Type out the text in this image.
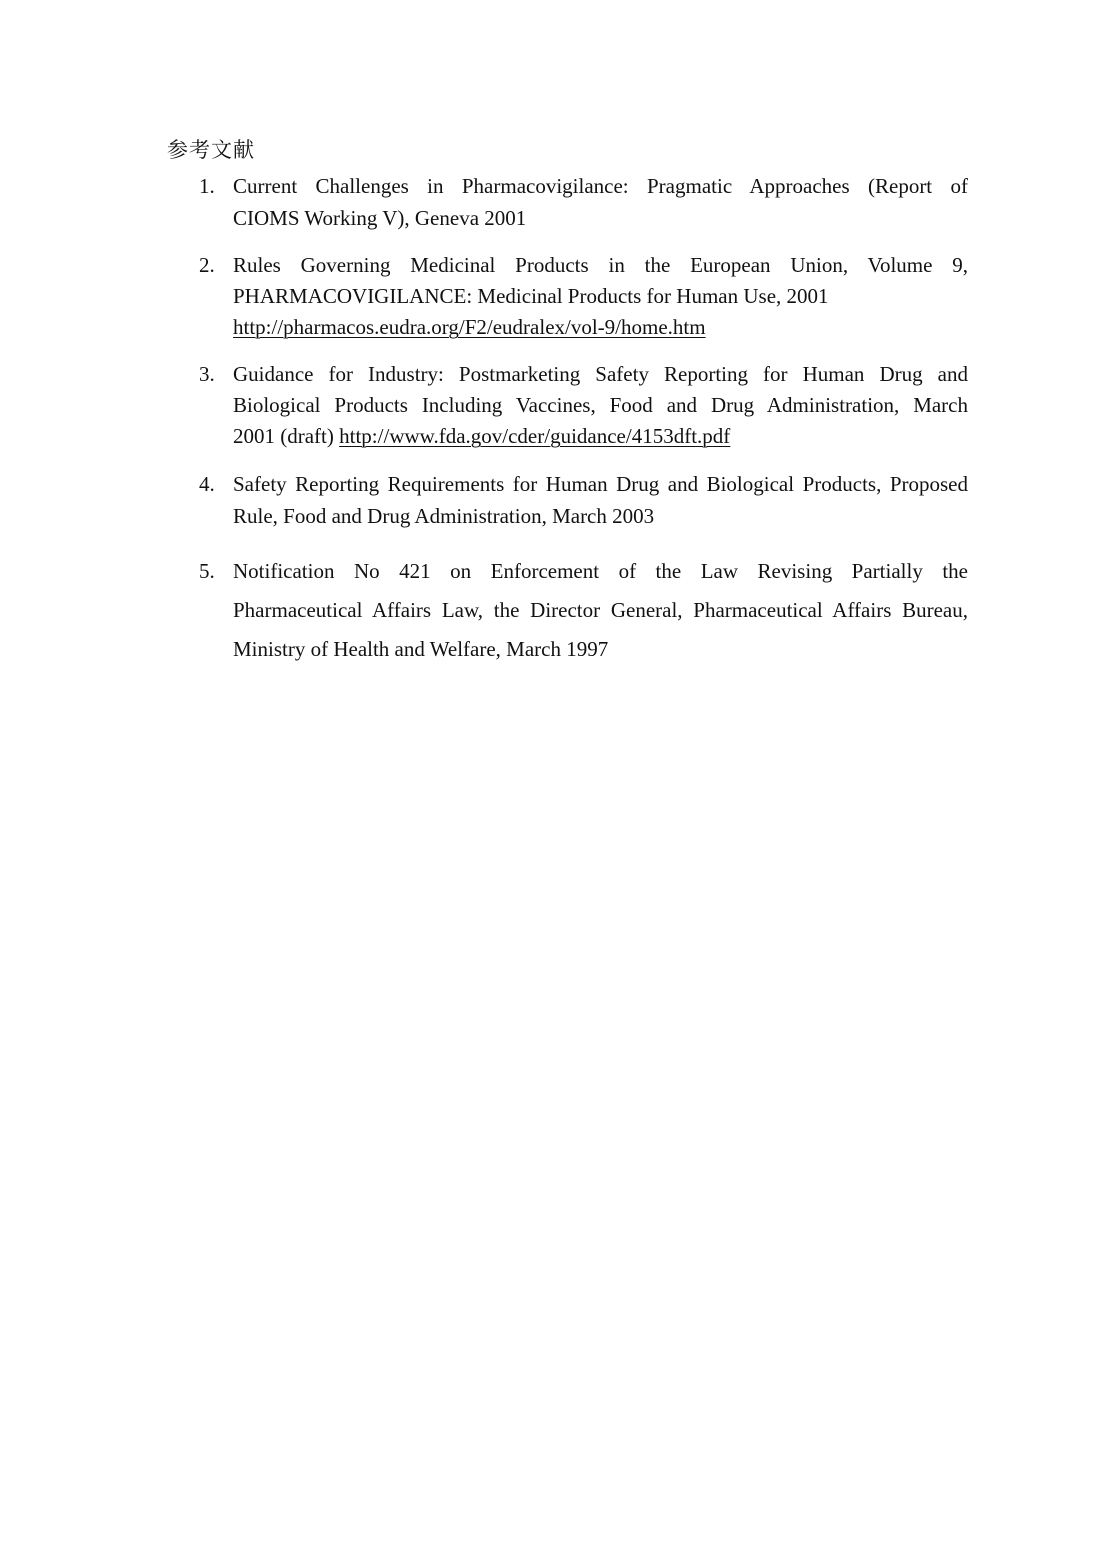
参考文献
1. Current Challenges in Pharmacovigilance: Pragmatic Approaches (Report of
CIOMS Working V), Geneva 2001
2. Rules Governing Medicinal Products in the European Union, Volume 9,
PHARMACOVIGILANCE: Medicinal Products for Human Use, 2001
http://pharmacos.eudra.org/F2/eudralex/vol-9/home.htm
3. Guidance for Industry: Postmarketing Safety Reporting for Human Drug and
Biological Products Including Vaccines, Food and Drug Administration, March
2001 (draft) http://www.fda.gov/cder/guidance/4153dft.pdf
4. Safety Reporting Requirements for Human Drug and Biological Products, Proposed
Rule, Food and Drug Administration, March 2003
5. Notification No 421 on Enforcement of the Law Revising Partially the
Pharmaceutical Affairs Law, the Director General, Pharmaceutical Affairs Bureau,
Ministry of Health and Welfare, March 1997
